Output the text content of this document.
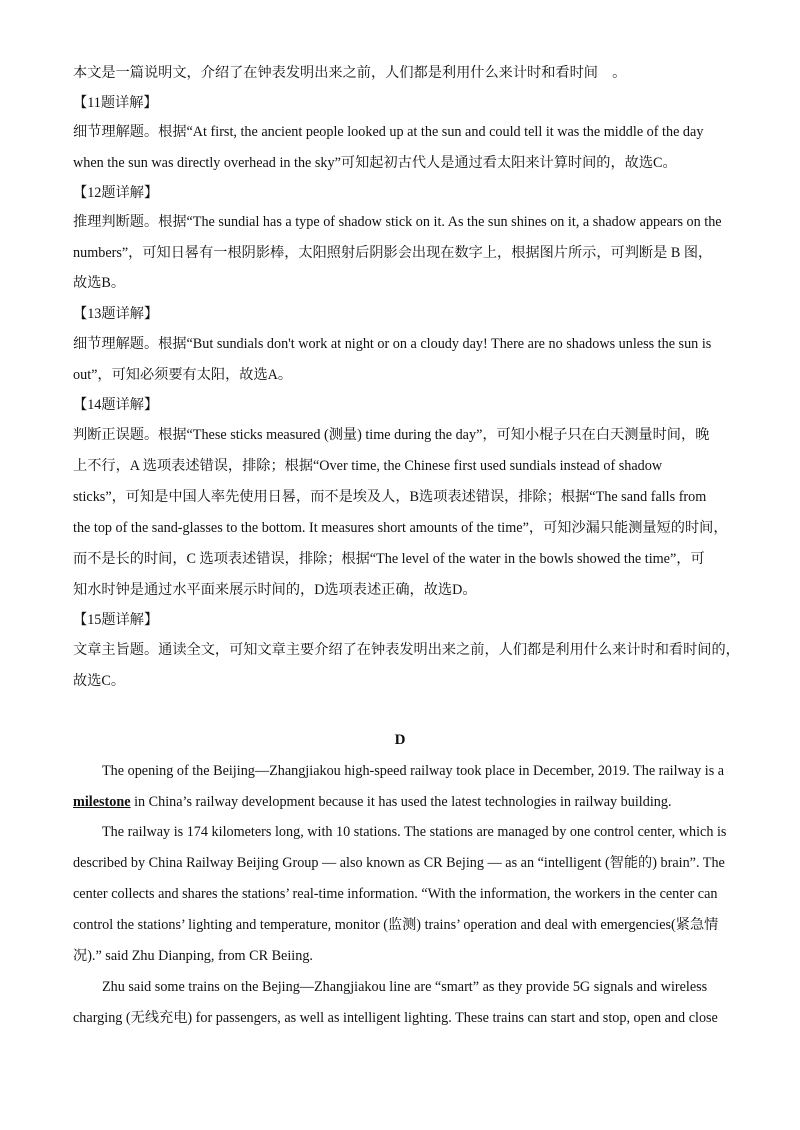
本文是一篇说明文，介绍了在钟表发明出来之前，人们都是利用什么来计时和看时间　。
【11题详解】
细节理解题。根据“At first, the ancient people looked up at the sun and could tell it was the middle of the day
when the sun was directly overhead in the sky”可知起初古代人是通过看太阳来计算时间的，故选C。
【12题详解】
推理判断题。根据“The sundial has a type of shadow stick on it. As the sun shines on it, a shadow appears on the
numbers”，可知日晷有一根阴影棒，太阳照射后阴影会出现在数字上，根据图片所示，可判断是 B 图，
故选B。
【13题详解】
细节理解题。根据“But sundials don't work at night or on a cloudy day! There are no shadows unless the sun is
out”，可知必须要有太阳，故选A。
【14题详解】
判断正误题。根据“These sticks measured (测量) time during the day”，可知小棍子只在白天测量时间，晚
上不行，A 选项表述错误，排除；根据“Over time, the Chinese first used sundials instead of shadow
sticks”，可知是中国人率先使用日晷，而不是埃及人，B选项表述错误，排除；根据“The sand falls from
the top of the sand-glasses to the bottom. It measures short amounts of the time”，可知沙漏只能测量短的时间，
而不是长的时间，C 选项表述错误，排除；根据“The level of the water in the bowls showed the time”，可
知水时钟是通过水平面来展示时间的，D选项表述正确，故选D。
【15题详解】
文章主旨题。通读全文，可知文章主要介绍了在钟表发明出来之前，人们都是利用什么来计时和看时间的，
故选C。
D
The opening of the Beijing—Zhangjiakou high-speed railway took place in December, 2019. The railway is a
milestone in China’s railway development because it has used the latest technologies in railway building.
The railway is 174 kilometers long, with 10 stations. The stations are managed by one control center, which is
described by China Railway Beijing Group — also known as CR Bejing — as an “intelligent (智能的) brain”. The
center collects and shares the stations’ real-time information. “With the information, the workers in the center can
control the stations’ lighting and temperature, monitor (监测) trains’ operation and deal with emergencies(紧急情
况).” said Zhu Dianping, from CR Beiing.
Zhu said some trains on the Bejing—Zhangjiakou line are “smart” as they provide 5G signals and wireless
charging (无线充电) for passengers, as well as intelligent lighting. These trains can start and stop, open and close
